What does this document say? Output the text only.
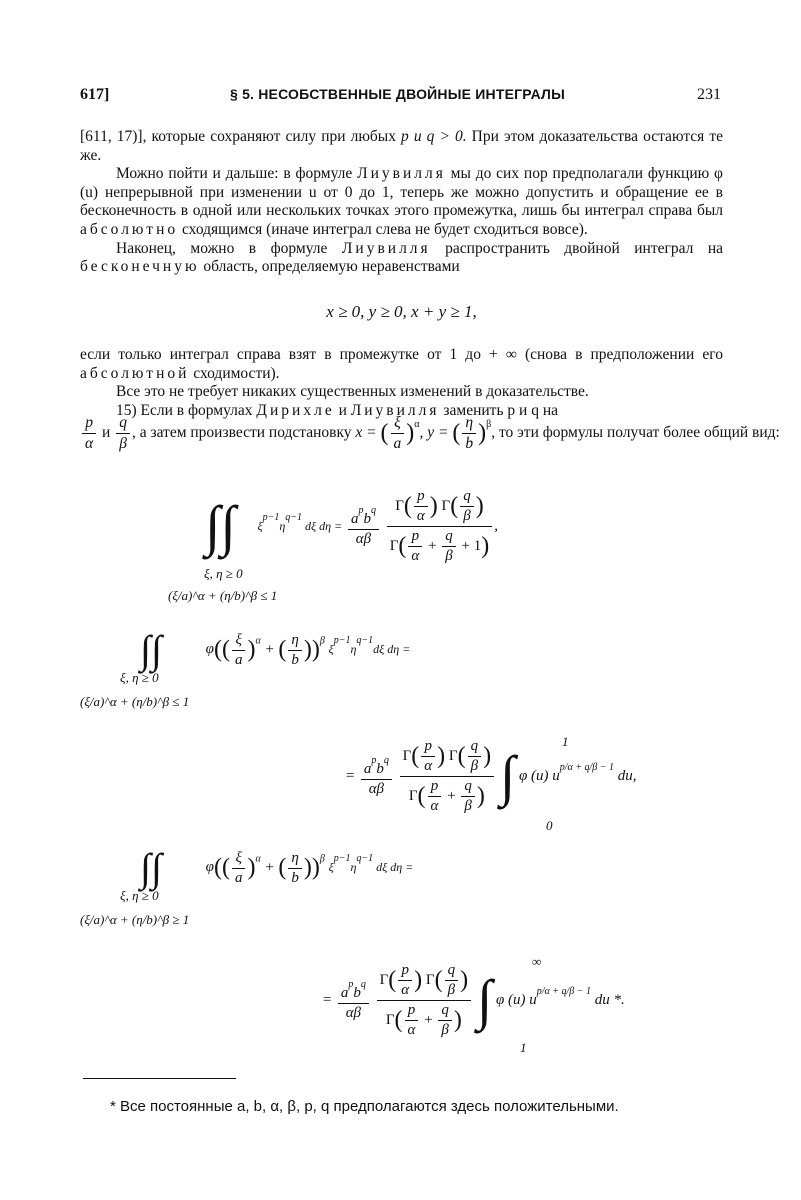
617]	§ 5. НЕСОБСТВЕННЫЕ ДВОЙНЫЕ ИНТЕГРАЛЫ	231

[611, 17)], которые сохраняют силу при любых p и q > 0. При этом доказательства остаются те же.

Можно пойти и дальше: в формуле Лиувилля мы до сих пор предполагали функцию φ (u) непрерывной при изменении u от 0 до 1, теперь же можно допустить и обращение ее в бесконечность в одной или нескольких точках этого промежутка, лишь бы интеграл справа был абсолютно сходящимся (иначе интеграл слева не будет сходиться вовсе).

Наконец, можно в формуле Лиувилля распространить двойной интеграл на бесконечную область, определяемую неравенствами

x ≥ 0, y ≥ 0, x + y ≥ 1,

если только интеграл справа взят в промежутке от 1 до + ∞ (снова в предположении его абсолютной сходимости).

Все это не требует никаких существенных изменений в доказательстве.

15) Если в формулах Дирихле и Лиувилля заменить p и q на

$\frac{p}{\alpha}$ и $\frac{q}{\beta}$ , а затем произвести подстановку x = ( $\frac{\xi}{a} )^\alpha$, y = ( $\frac{\eta}{b} )^\beta$, то эти формулы получат более общий вид:
∫∫ $\xi^{p-1}\eta^{q-1}$ dξ $d\eta = \frac{a^pb^q}{\alpha\beta}$
$\frac{\Gamma( \frac{p}{\alpha} ) \Gamma( \frac{q}{\beta} )}{\Gamma( \frac{p}{\alpha} + \frac{q}{\beta} + 1)}$ ,
ξ, η ≥ 0
(ξ/a)^α + (η/b)^β ≤ 1
∫∫	$\varphi(( \frac{\xi}{a} )^\alpha$ + ( $\frac{\eta}{b} ))^\beta$ $\xi^{p-1}\eta^{q-1}d\xi$ dη =
ξ, η ≥ 0
(ξ/a)^α + (η/b)^β ≤ 1
= $\frac{a^pb^q}{\alpha\beta}$
$\frac{\Gamma( \frac{p}{\alpha} ) \Gamma( \frac{q}{\beta} )}{\Gamma( \frac{p}{\alpha} + \frac{q}{\beta} )}$ ∫ φ (u) $u^{p/\alpha + q/\beta - 1}$ du,
1
0
∫∫	$\varphi(( \frac{\xi}{a} )^\alpha$ + ( $\frac{\eta}{b} ))^\beta$ $\xi^{p-1}\eta^{q-1}$ dξ dη =
ξ, η ≥ 0
(ξ/a)^α + (η/b)^β ≥ 1
= $\frac{a^pb^q}{\alpha\beta}$
$\frac{\Gamma( \frac{p}{\alpha} ) \Gamma( \frac{q}{\beta} )}{\Gamma( \frac{p}{\alpha} + \frac{q}{\beta} )}$ ∫ φ (u) $u^{p/\alpha + q/\beta - 1}$ du *.
∞
1
* Все постоянные a, b, α, β, p, q предполагаются здесь положительными.
